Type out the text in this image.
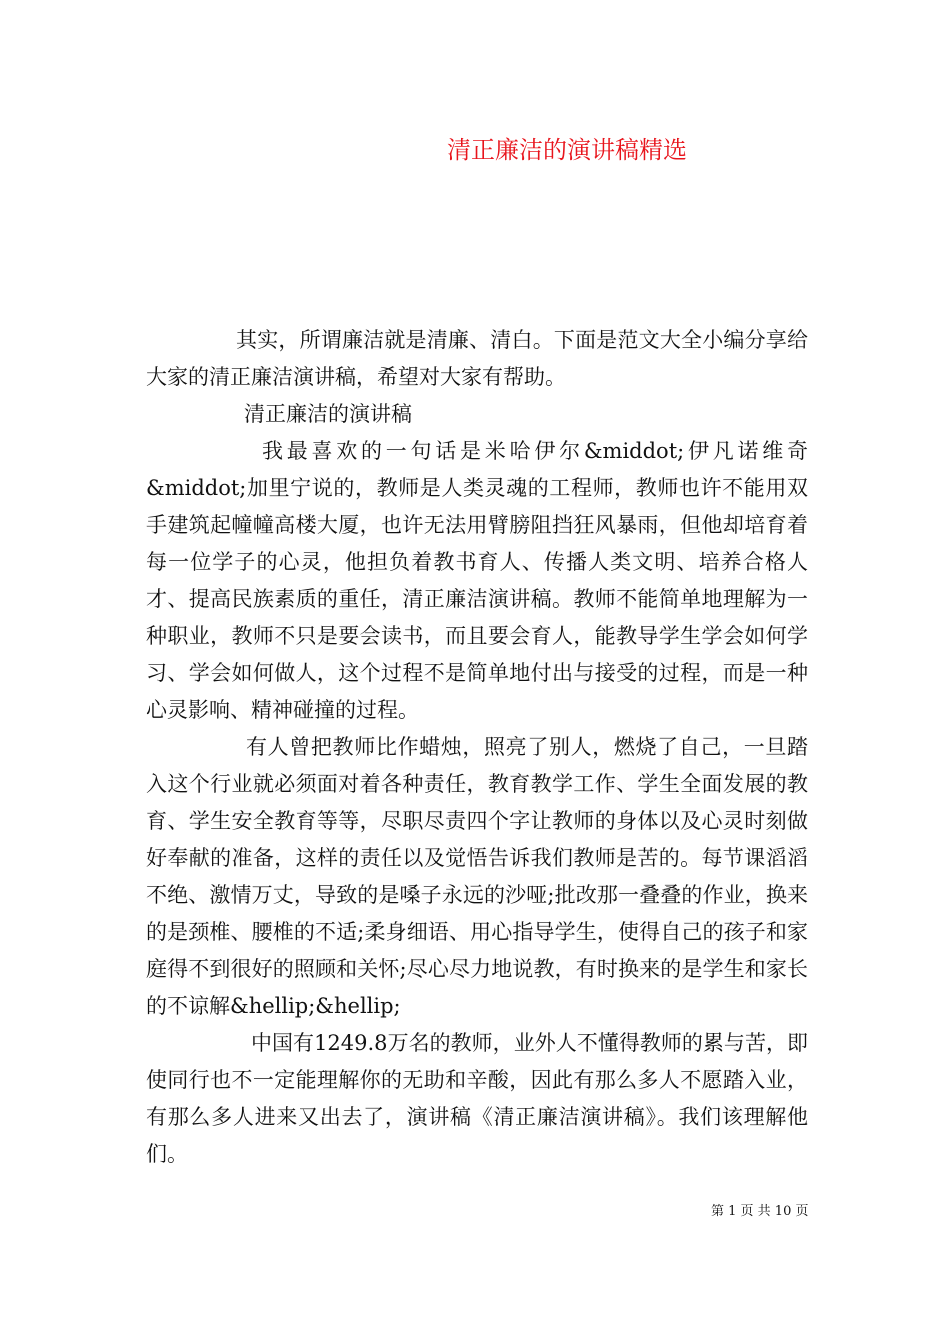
清正廉洁的演讲稿精选

其实，所谓廉洁就是清廉、清白。下面是范文大全小编分享给大家的清正廉洁演讲稿，希望对大家有帮助。

清正廉洁的演讲稿

我最喜欢的一句话是米哈伊尔&middot;伊凡诺维奇&middot;加里宁说的，教师是人类灵魂的工程师，教师也许不能用双手建筑起幢幢高楼大厦，也许无法用臂膀阻挡狂风暴雨，但他却培育着每一位学子的心灵，他担负着教书育人、传播人类文明、培养合格人才、提高民族素质的重任，清正廉洁演讲稿。教师不能简单地理解为一种职业，教师不只是要会读书，而且要会育人，能教导学生学会如何学习、学会如何做人，这个过程不是简单地付出与接受的过程，而是一种心灵影响、精神碰撞的过程。

有人曾把教师比作蜡烛，照亮了别人，燃烧了自己，一旦踏入这个行业就必须面对着各种责任，教育教学工作、学生全面发展的教育、学生安全教育等等，尽职尽责四个字让教师的身体以及心灵时刻做好奉献的准备，这样的责任以及觉悟告诉我们教师是苦的。每节课滔滔不绝、激情万丈，导致的是嗓子永远的沙哑;批改那一叠叠的作业，换来的是颈椎、腰椎的不适;柔身细语、用心指导学生，使得自己的孩子和家庭得不到很好的照顾和关怀;尽心尽力地说教，有时换来的是学生和家长的不谅解&hellip;&hellip;

中国有1249.8万名的教师，业外人不懂得教师的累与苦，即使同行也不一定能理解你的无助和辛酸，因此有那么多人不愿踏入业，有那么多人进来又出去了，演讲稿《清正廉洁演讲稿》。我们该理解他们。

第 1 页 共 10 页
